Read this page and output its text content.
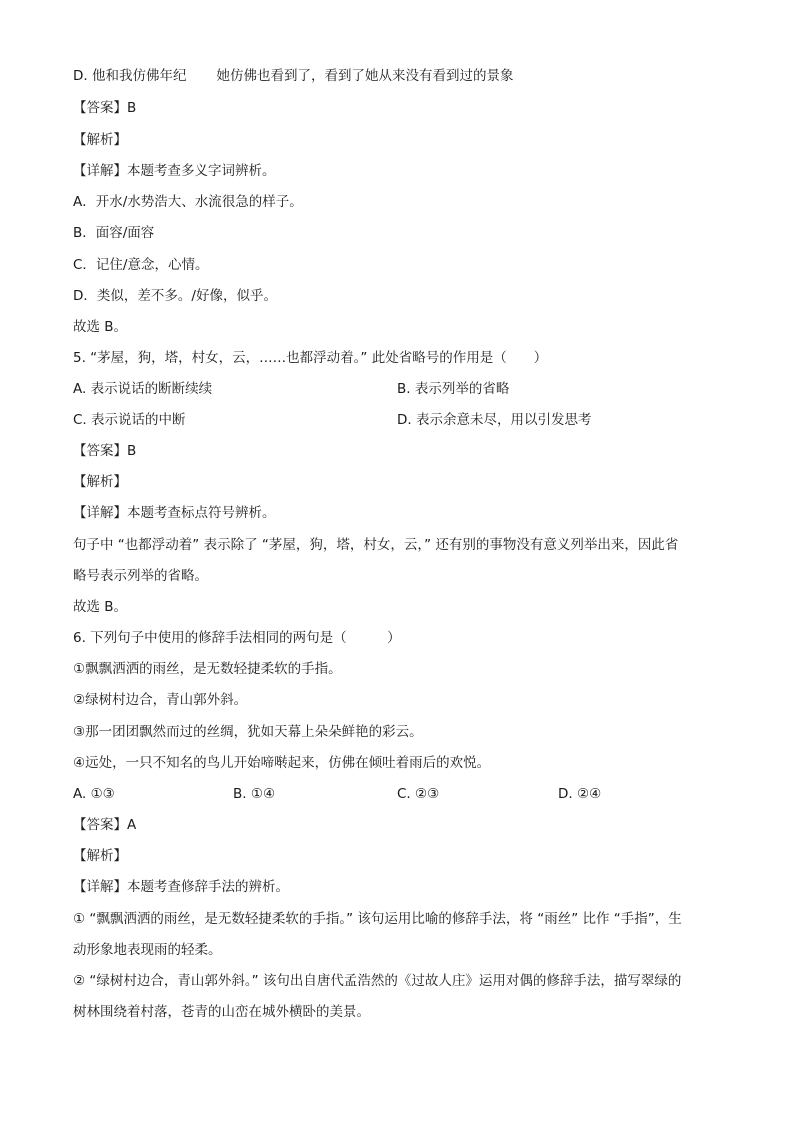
D. 他和我仿佛年纪 她仿佛也看到了，看到了她从来没有看到过的景象
【答案】B
【解析】
【详解】本题考查多义字词辨析。
A．开水/水势浩大、水流很急的样子。
B．面容/面容
C．记住/意念，心情。
D．类似，差不多。/好像，似乎。
故选 B。
5. “茅屋，狗，塔，村女，云，……也都浮动着。” 此处省略号的作用是（　　）
A. 表示说话的断断续续	B. 表示列举的省略
C. 表示说话的中断	D. 表示余意未尽，用以引发思考
【答案】B
【解析】
【详解】本题考查标点符号辨析。
句子中 “也都浮动着” 表示除了 “茅屋，狗，塔，村女，云，” 还有别的事物没有意义列举出来，因此省
略号表示列举的省略。
故选 B。
6. 下列句子中使用的修辞手法相同的两句是（　　　）
①飘飘洒洒的雨丝，是无数轻捷柔软的手指。
②绿树村边合，青山郭外斜。
③那一团团飘然而过的丝绸，犹如天幕上朵朵鲜艳的彩云。
④远处，一只不知名的鸟儿开始啼啭起来，仿佛在倾吐着雨后的欢悦。
A. ①③	B. ①④	C. ②③	D. ②④
【答案】A
【解析】
【详解】本题考查修辞手法的辨析。
① “飘飘洒洒的雨丝，是无数轻捷柔软的手指。” 该句运用比喻的修辞手法，将 “雨丝” 比作 “手指”，生
动形象地表现雨的轻柔。
② “绿树村边合，青山郭外斜。” 该句出自唐代孟浩然的《过故人庄》运用对偶的修辞手法，描写翠绿的
树林围绕着村落，苍青的山峦在城外横卧的美景。
